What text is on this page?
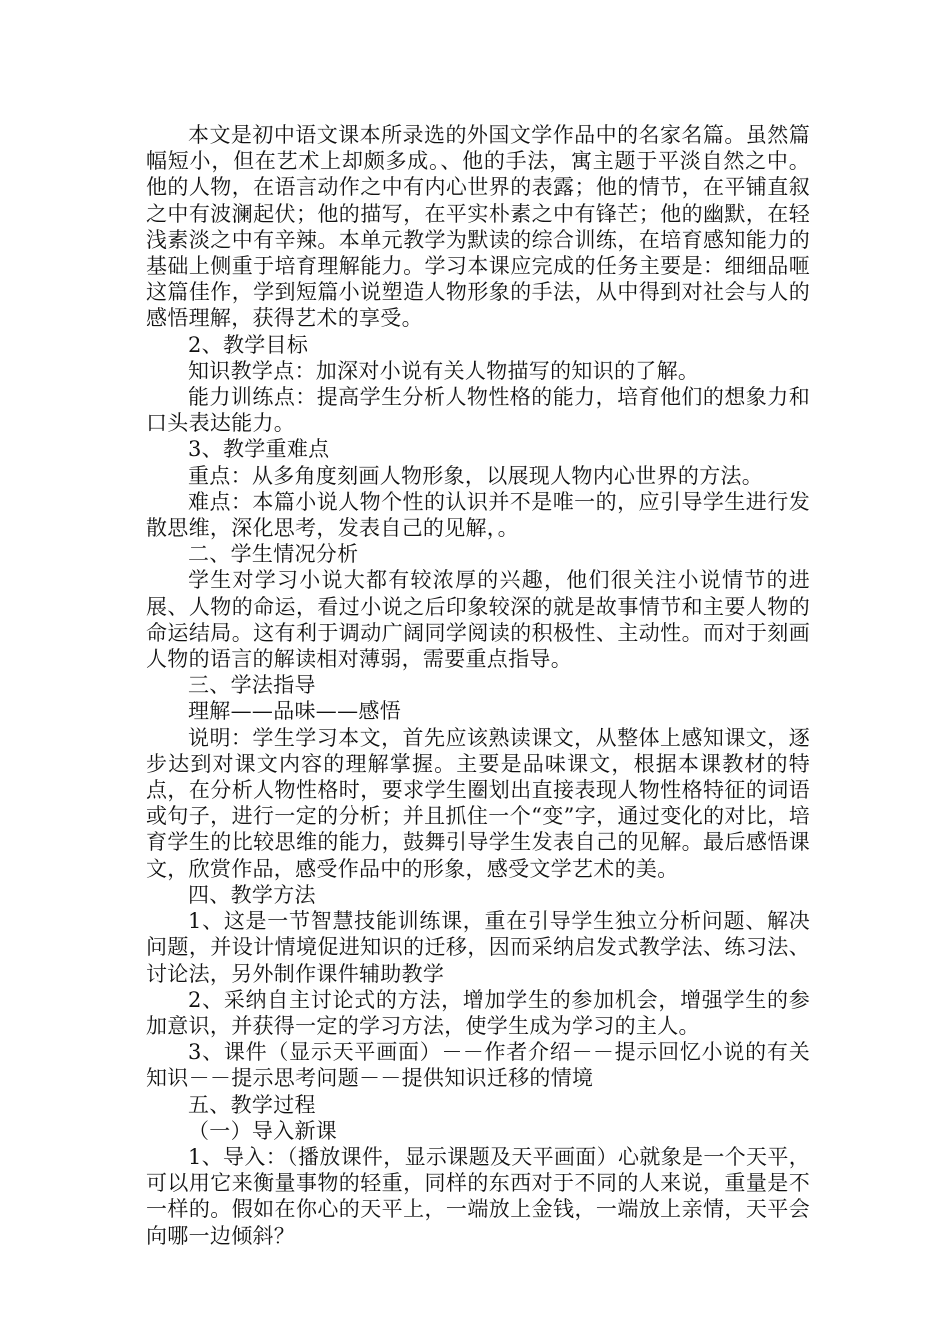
本文是初中语文课本所录选的外国文学作品中的名家名篇。虽然篇幅短小，但在艺术上却颇多成。、他的手法，寓主题于平淡自然之中。他的人物，在语言动作之中有内心世界的表露；他的情节，在平铺直叙之中有波澜起伏；他的描写，在平实朴素之中有锋芒；他的幽默，在轻浅素淡之中有辛辣。本单元教学为默读的综合训练，在培育感知能力的基础上侧重于培育理解能力。学习本课应完成的任务主要是：细细品咂这篇佳作，学到短篇小说塑造人物形象的手法，从中得到对社会与人的感悟理解，获得艺术的享受。

2、教学目标

知识教学点：加深对小说有关人物描写的知识的了解。

能力训练点：提高学生分析人物性格的能力，培育他们的想象力和口头表达能力。

3、教学重难点

重点：从多角度刻画人物形象，以展现人物内心世界的方法。

难点：本篇小说人物个性的认识并不是唯一的，应引导学生进行发散思维，深化思考，发表自己的见解，。

二、学生情况分析

学生对学习小说大都有较浓厚的兴趣，他们很关注小说情节的进展、人物的命运，看过小说之后印象较深的就是故事情节和主要人物的命运结局。这有利于调动广阔同学阅读的积极性、主动性。而对于刻画人物的语言的解读相对薄弱，需要重点指导。

三、学法指导

理解——品味——感悟

说明：学生学习本文，首先应该熟读课文，从整体上感知课文，逐步达到对课文内容的理解掌握。主要是品味课文，根据本课教材的特点，在分析人物性格时，要求学生圈划出直接表现人物性格特征的词语或句子，进行一定的分析；并且抓住一个“变”字，通过变化的对比，培育学生的比较思维的能力，鼓舞引导学生发表自己的见解。最后感悟课文，欣赏作品，感受作品中的形象，感受文学艺术的美。

四、教学方法

1、这是一节智慧技能训练课，重在引导学生独立分析问题、解决问题，并设计情境促进知识的迁移，因而采纳启发式教学法、练习法、讨论法，另外制作课件辅助教学

2、采纳自主讨论式的方法，增加学生的参加机会，增强学生的参加意识，并获得一定的学习方法，使学生成为学习的主人。

3、课件（显示天平画面）－－作者介绍－－提示回忆小说的有关知识－－提示思考问题－－提供知识迁移的情境

五、教学过程

（一）导入新课

1、导入：（播放课件，显示课题及天平画面）心就象是一个天平，可以用它来衡量事物的轻重，同样的东西对于不同的人来说，重量是不一样的。假如在你心的天平上，一端放上金钱，一端放上亲情，天平会向哪一边倾斜？
